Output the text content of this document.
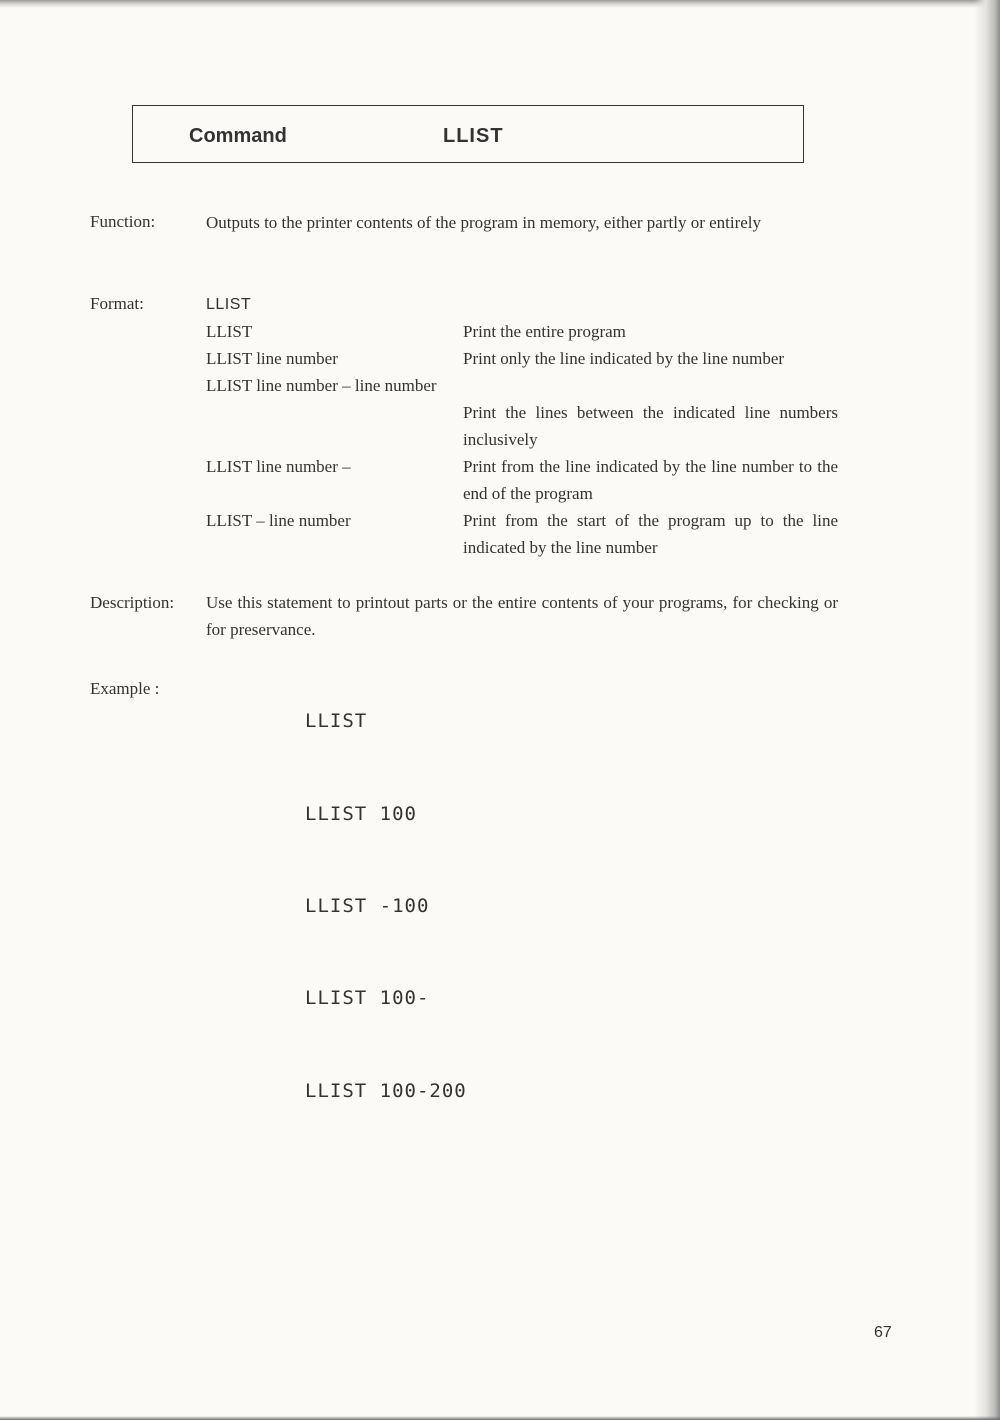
Command	LLIST
Function:	Outputs to the printer contents of the program in memory, either partly or entirely
Format:	LLIST
LLIST	Print the entire program
LLIST line number	Print only the line indicated by the line number
LLIST line number – line number
Print the lines between the indicated line numbers inclusively
LLIST line number –	Print from the line indicated by the line number to the end of the program
LLIST – line number	Print from the start of the program up to the line indicated by the line number
Description: Use this statement to printout parts or the entire contents of your programs, for checking or for preservance.
Example :
LLIST
LLIST 100
LLIST -100
LLIST 100-
LLIST 100-200
67
